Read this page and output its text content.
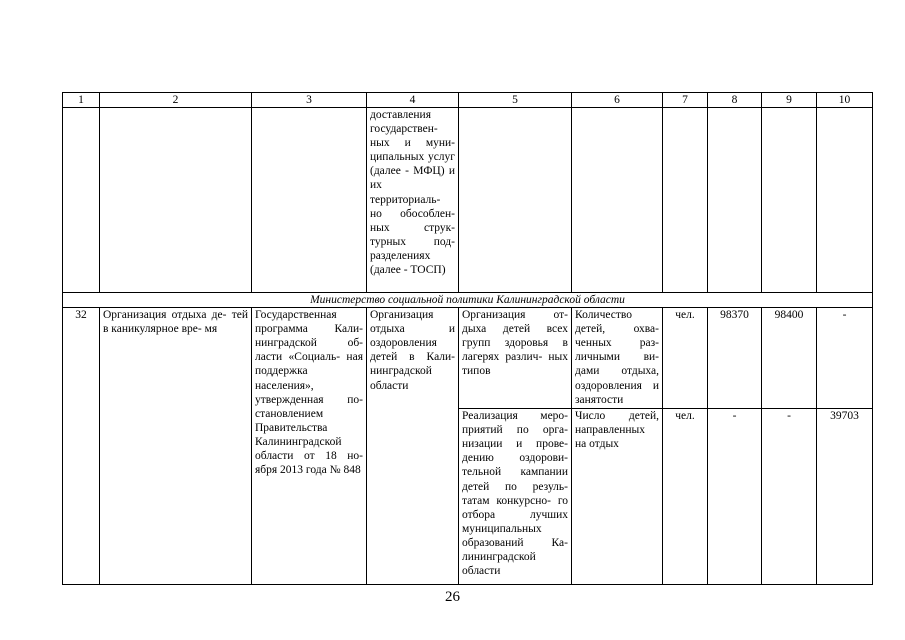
1	2	3	4	5	6	7	8	9	10
			доставления государствен- ных и муни- ципальных услуг (далее - МФЦ) и их территориаль- но обособлен- ных струк- турных под- разделениях (далее - ТОСП)						
Министерство социальной политики Калининградской области									
32	Организация отдыха де- тей в каникулярное вре- мя	Государственная программа Кали- нинградской об- ласти «Социаль- ная поддержка населения», утвержденная по- становлением Правительства Калининградской области от 18 но- ября 2013 года № 848	Организация отдыха и оздоровления детей в Кали- нинградской области	Организация от- дыха детей всех групп здоровья в лагерях различ- ных типов	Количество детей, охва- ченных раз- личными ви- дами отдыха, оздоровления и занятости	чел.	98370	98400	-
				Реализация меро- приятий по орга- низации и прове- дению оздорови- тельной кампании детей по резуль- татам конкурсно- го отбора лучших муниципальных образований Ка- лининградской области	Число детей, направленных на отдых	чел.	-	-	39703
26
